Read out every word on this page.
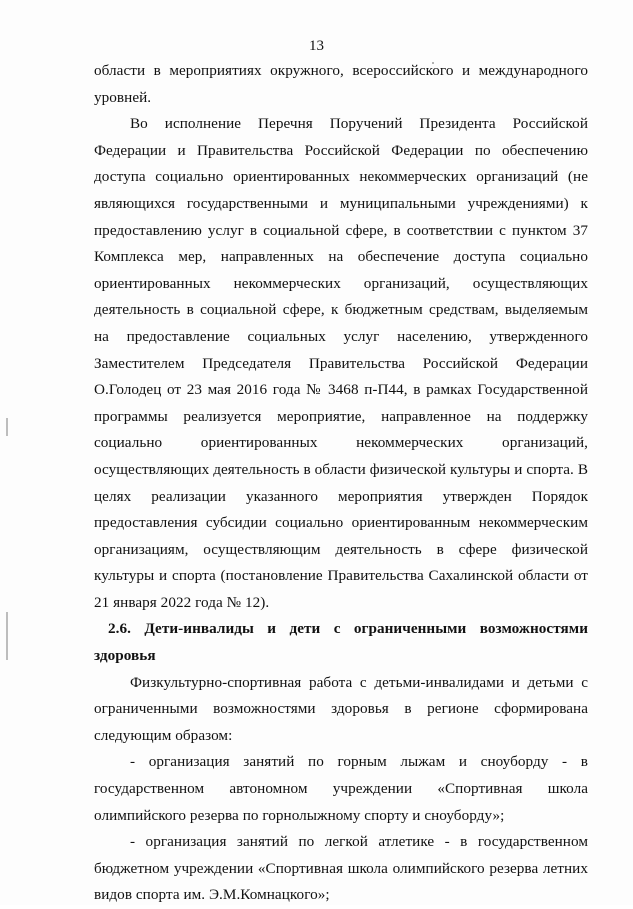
13

области в мероприятиях окружного, всероссийского и международного уровней.

Во исполнение Перечня Поручений Президента Российской Федерации и Правительства Российской Федерации по обеспечению доступа социально ориентированных некоммерческих организаций (не являющихся государственными и муниципальными учреждениями) к предоставлению услуг в социальной сфере, в соответствии с пунктом 37 Комплекса мер, направленных на обеспечение доступа социально ориентированных некоммерческих организаций, осуществляющих деятельность в социальной сфере, к бюджетным средствам, выделяемым на предоставление социальных услуг населению, утвержденного Заместителем Председателя Правительства Российской Федерации О.Голодец от 23 мая 2016 года № 3468 п-П44, в рамках Государственной программы реализуется мероприятие, направленное на поддержку социально ориентированных некоммерческих организаций, осуществляющих деятельность в области физической культуры и спорта. В целях реализации указанного мероприятия утвержден Порядок предоставления субсидии социально ориентированным некоммерческим организациям, осуществляющим деятельность в сфере физической культуры и спорта (постановление Правительства Сахалинской области от 21 января 2022 года № 12).

2.6. Дети-инвалиды и дети с ограниченными возможностями здоровья

Физкультурно-спортивная работа с детьми-инвалидами и детьми с ограниченными возможностями здоровья в регионе сформирована следующим образом:

- организация занятий по горным лыжам и сноуборду - в государственном автономном учреждении «Спортивная школа олимпийского резерва по горнолыжному спорту и сноуборду»;

- организация занятий по легкой атлетике - в государственном бюджетном учреждении «Спортивная школа олимпийского резерва летних видов спорта им. Э.М.Комнацкого»;
